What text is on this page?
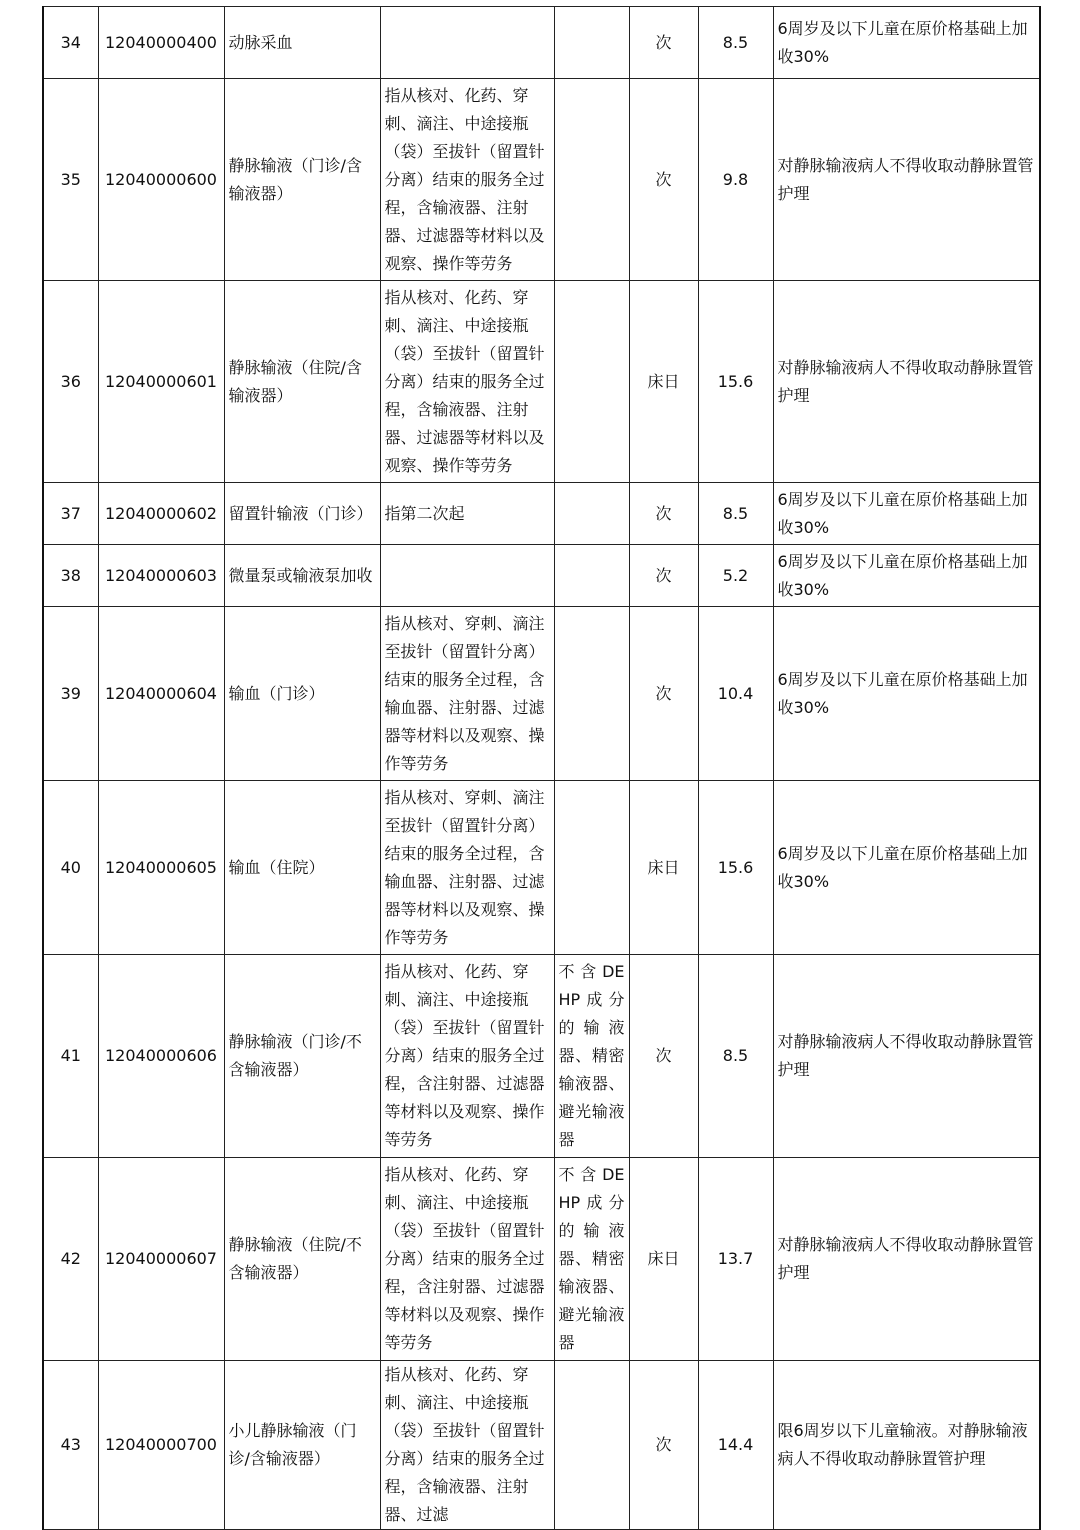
34	12040000400	动脉采血			次	8.5	6周岁及以下儿童在原价格基础上加收30%
35	12040000600	静脉输液（门诊/含输液器）	指从核对、化药、穿刺、滴注、中途接瓶（袋）至拔针（留置针分离）结束的服务全过程，含输液器、注射器、过滤器等材料以及观察、操作等劳务		次	9.8	对静脉输液病人不得收取动静脉置管护理
36	12040000601	静脉输液（住院/含输液器）	指从核对、化药、穿刺、滴注、中途接瓶（袋）至拔针（留置针分离）结束的服务全过程，含输液器、注射器、过滤器等材料以及观察、操作等劳务		床日	15.6	对静脉输液病人不得收取动静脉置管护理
37	12040000602	留置针输液（门诊）	指第二次起		次	8.5	6周岁及以下儿童在原价格基础上加收30%
38	12040000603	微量泵或输液泵加收			次	5.2	6周岁及以下儿童在原价格基础上加收30%
39	12040000604	输血（门诊）	指从核对、穿刺、滴注至拔针（留置针分离）结束的服务全过程，含输血器、注射器、过滤器等材料以及观察、操作等劳务		次	10.4	6周岁及以下儿童在原价格基础上加收30%
40	12040000605	输血（住院）	指从核对、穿刺、滴注至拔针（留置针分离）结束的服务全过程，含输血器、注射器、过滤器等材料以及观察、操作等劳务		床日	15.6	6周岁及以下儿童在原价格基础上加收30%
41	12040000606	静脉输液（门诊/不含输液器）	指从核对、化药、穿刺、滴注、中途接瓶（袋）至拔针（留置针分离）结束的服务全过程，含注射器、过滤器等材料以及观察、操作等劳务	不含DEHP成分的输液器、精密输液器、避光输液器	次	8.5	对静脉输液病人不得收取动静脉置管护理
42	12040000607	静脉输液（住院/不含输液器）	指从核对、化药、穿刺、滴注、中途接瓶（袋）至拔针（留置针分离）结束的服务全过程，含注射器、过滤器等材料以及观察、操作等劳务	不含DEHP成分的输液器、精密输液器、避光输液器	床日	13.7	对静脉输液病人不得收取动静脉置管护理
43	12040000700	小儿静脉输液（门诊/含输液器）	指从核对、化药、穿刺、滴注、中途接瓶（袋）至拔针（留置针分离）结束的服务全过程，含输液器、注射器、过滤		次	14.4	限6周岁以下儿童输液。对静脉输液病人不得收取动静脉置管护理
